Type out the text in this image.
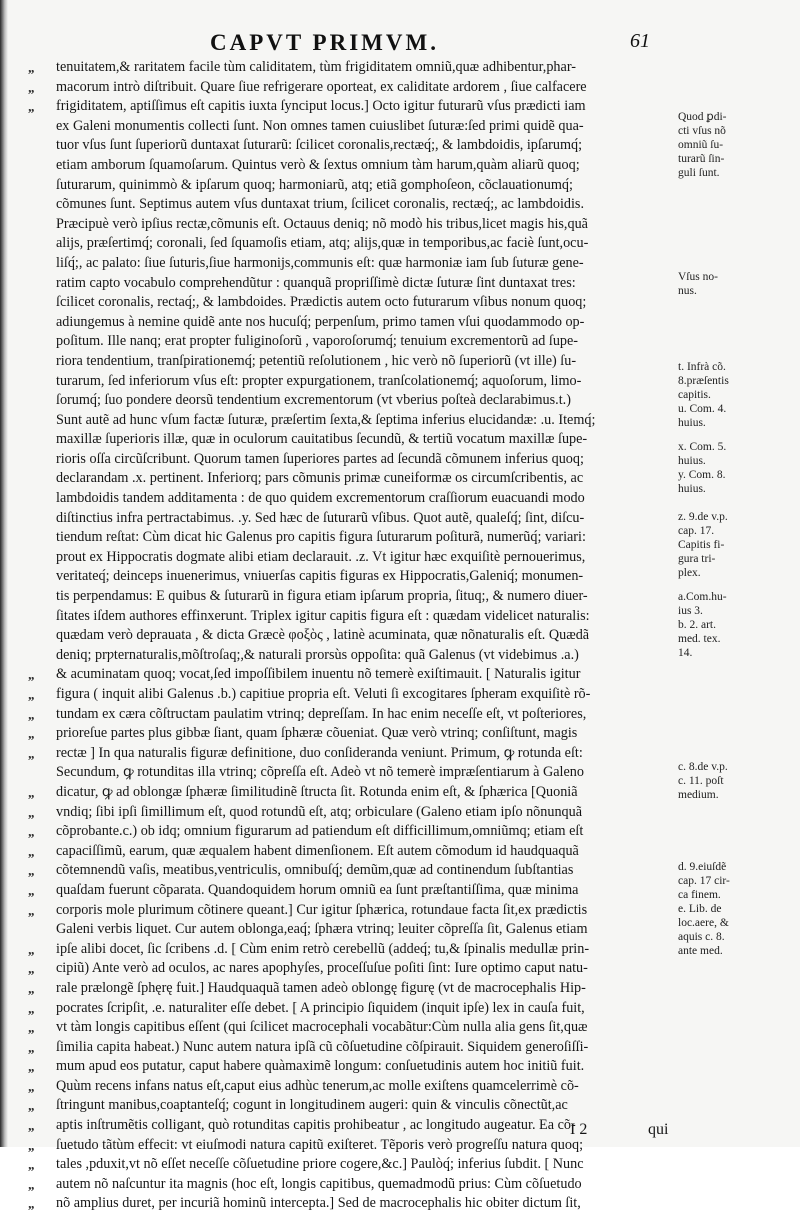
CAPVT PRIMVM.	61
„	tenuitatem,& raritatem facile tùm caliditatem, tùm frigiditatem omniũ,quæ adhibentur,phar-
„	macorum intrò diſtribuit. Quare ſiue refrigerare oporteat, ex caliditate ardorem , ſiue calfacere
„	frigiditatem, aptiſſimus eſt capitis iuxta ſynciput locus.] Octo igitur futurarũ vſus prædicti iam
ex Galeni monumentis collecti ſunt. Non omnes tamen cuiuslibet ſuturæ:ſed primi quidẽ qua-
tuor vſus ſunt ſuperiorũ duntaxat ſuturarũ: ſcilicet coronalis,rectæq́;, & lambdoidis, ipſarumq́;
etiam amborum ſquamoſarum. Quintus verò & ſextus omnium tàm harum,quàm aliarũ quoq;
ſuturarum, quinimmò & ipſarum quoq; harmoniarũ, atq; etiã gomphoſeon, cõclauationumq́;
cõmunes ſunt. Septimus autem vſus duntaxat trium, ſcilicet coronalis, rectæq́;, ac lambdoidis.
Præcipuè verò ipſius rectæ,cõmunis eſt. Octauus deniq; nõ modò his tribus,licet magis his,quã
alijs, præſertimq́; coronali, ſed ſquamoſis etiam, atq; alijs,quæ in temporibus,ac faciè ſunt,ocu-
liſq́;, ac palato: ſiue ſuturis,ſiue harmonijs,communis eſt: quæ harmoniæ iam ſub ſuturæ gene-
ratim capto vocabulo comprehendũtur : quanquã propriſſimè dictæ ſuturæ ſint duntaxat tres:
ſcilicet coronalis, rectaq́;, & lambdoides. Prædictis autem octo futurarum vſibus nonum quoq;
adiungemus à nemine quidẽ ante nos hucuſq́; perpenſum, primo tamen vſui quodammodo op-
poſitum. Ille nanq; erat propter fuliginoſorũ , vaporoſorumq́; tenuium excrementorũ ad ſupe-
riora tendentium, tranſpirationemq́; petentiũ reſolutionem , hic verò nõ ſuperiorũ (vt ille) ſu-
turarum, ſed inferiorum vſus eſt: propter expurgationem, tranſcolationemq́; aquoſorum, limo-
ſorumq́; ſuo pondere deorsũ tendentium excrementorum (vt vberius poſteà declarabimus.t.)
Sunt autẽ ad hunc vſum factæ ſuturæ, præſertim ſexta,& ſeptima inferius elucidandæ: .u. Itemq́;
maxillæ ſuperioris illæ, quæ in oculorum cauitatibus ſecundũ, & tertiũ vocatum maxillæ ſupe-
rioris oſſa circũſcribunt. Quorum tamen ſuperiores partes ad ſecundã cõmunem inferius quoq;
declarandam .x. pertinent. Inferiorq; pars cõmunis primæ cuneiformæ os circumſcribentis, ac
lambdoidis tandem additamenta : de quo quidem excrementorum craſſiorum euacuandi modo
diſtinctius infra pertractabimus. .y. Sed hæc de ſuturarũ vſibus. Quot autẽ, qualeſq́; ſint, diſcu-
tiendum reſtat: Cùm dicat hic Galenus pro capitis figura ſuturarum poſiturã, numerũq́; variari:
prout ex Hippocratis dogmate alibi etiam declarauit. .z. Vt igitur hæc exquiſitè pernouerimus,
veritateq́; deinceps inuenerimus, vniuerſas capitis figuras ex Hippocratis,Galeniq́; monumen-
tis perpendamus: E quibus & ſuturarũ in figura etiam ipſarum propria, ſituq;, & numero diuer-
ſitates iſdem authores effinxerunt. Triplex igitur capitis figura eſt : quædam videlicet naturalis:
quædam verò deprauata , & dicta Græcè φοξὸς , latinè acuminata, quæ nõnaturalis eſt. Quædã
deniq; prƿternaturalis,mõſtroſaq;,& naturali prorsùs oppoſita: quã Galenus (vt videbimus .a.)
„	& acuminatam quoq; vocat,ſed impoſſibilem inuentu nõ temerè exiſtimauit. [ Naturalis igitur
„	figura ( inquit alibi Galenus .b.) capitiue propria eſt. Veluti ſi excogitares ſpheram exquiſitè rõ-
„	tundam ex cæra cõſtructam paulatim vtrinq; depreſſam. In hac enim neceſſe eſt, vt poſteriores,
„	prioreſue partes plus gibbæ ſiant, quam ſphæræ cõueniat. Quæ verò vtrinq; conſiſtunt, magis
„	rectæ ] In qua naturalis figuræ definitione, duo conſideranda veniunt. Primum, ꝙ rotunda eſt:
Secundum, ꝙ rotunditas illa vtrinq; cõpreſſa eſt. Adeò vt nõ temerè impræſentiarum à Galeno
„	dicatur, ꝙ ad oblongæ ſphæræ ſimilitudinẽ ſtructa ſit. Rotunda enim eſt, & ſphærica [Quoniã
„	vndiq; ſibi ipſi ſimillimum eſt, quod rotundũ eſt, atq; orbiculare (Galeno etiam ipſo nõnunquã
„	cõprobante.c.) ob idq; omnium figurarum ad patiendum eſt difficillimum,omniũmq; etiam eſt
„	capaciſſimũ, earum, quæ æqualem habent dimenſionem. Eſt autem cõmodum id haudquaquã
„	cõtemnendũ vaſis, meatibus,ventriculis, omnibuſq́; demũm,quæ ad continendum ſubſtantias
„	quaſdam fuerunt cõparata. Quandoquidem horum omniũ ea ſunt præſtantiſſima, quæ minima
„	corporis mole plurimum cõtinere queant.] Cur igitur ſphærica, rotundaue facta ſit,ex prædictis
Galeni verbis liquet. Cur autem oblonga,eaq́; ſphæra vtrinq; leuiter cõpreſſa ſit, Galenus etiam
„	ipſe alibi docet, ſic ſcribens .d. [ Cùm enim retrò cerebellũ (addeq́; tu,& ſpinalis medullæ prin-
„	cipiũ) Ante verò ad oculos, ac nares apophyſes, proceſſuſue poſiti ſint: Iure optimo caput natu-
„	rale prælongẽ ſphęrę fuit.] Haudquaquã tamen adeò oblongę figurę (vt de macrocephalis Hip-
„	pocrates ſcripſit, .e. naturaliter eſſe debet. [ A principio ſiquidem (inquit ipſe) lex in cauſa fuit,
„	vt tàm longis capitibus eſſent (qui ſcilicet macrocephali vocabãtur:Cùm nulla alia gens ſit,quæ
„	ſimilia capita habeat.) Nunc autem natura ipſã cũ cõſuetudine cõſpirauit. Siquidem generoſiſſi-
„	mum apud eos putatur, caput habere quàmaximẽ longum: conſuetudinis autem hoc initiũ fuit.
„	Quùm recens infans natus eſt,caput eius adhùc tenerum,ac molle exiſtens quamcelerrimè cõ-
„	ſtringunt manibus,coaptanteſq́; cogunt in longitudinem augeri: quin & vinculis cõnectũt,ac
„	aptis inſtrumẽtis colligant, quò rotunditas capitis prohibeatur , ac longitudo augeatur. Ea cõ-
„	ſuetudo tãtùm effecit: vt eiuſmodi natura capitũ exiſteret. Tẽporis verò progreſſu natura quoq;
„	tales ,pduxit,vt nõ eſſet neceſſe cõſuetudine priore cogere,&c.] Paulòq́; inferius ſubdit. [ Nunc
„	autem nõ naſcuntur ita magnis (hoc eſt, longis capitibus, quemadmodũ prius: Cùm cõſuetudo
„	nõ amplius duret, per incuriã hominũ intercepta.] Sed de macrocephalis hic obiter dictum ſit,
Quod ꝑdi-
cti vſus nõ
omniũ ſu-
turarũ ſin-
guli ſunt.
Vſus no-
nus.
t. Infrà cõ.
8.præſentis
capitis.
u. Com. 4.
huius.
x. Com. 5.
huius.
y. Com. 8.
huius.
z. 9.de v.p.
cap. 17.
Capitis fi-
gura tri-
plex.
a.Com.hu-
ius 3.
b. 2. art.
med. tex.
14.
c. 8.de v.p.
c. 11. poſt
medium.
d. 9.eiuſdẽ
cap. 17 cir-
ca finem.
e. Lib. de
loc.aere, &
aquis c. 8.
ante med.
I 2	qui
